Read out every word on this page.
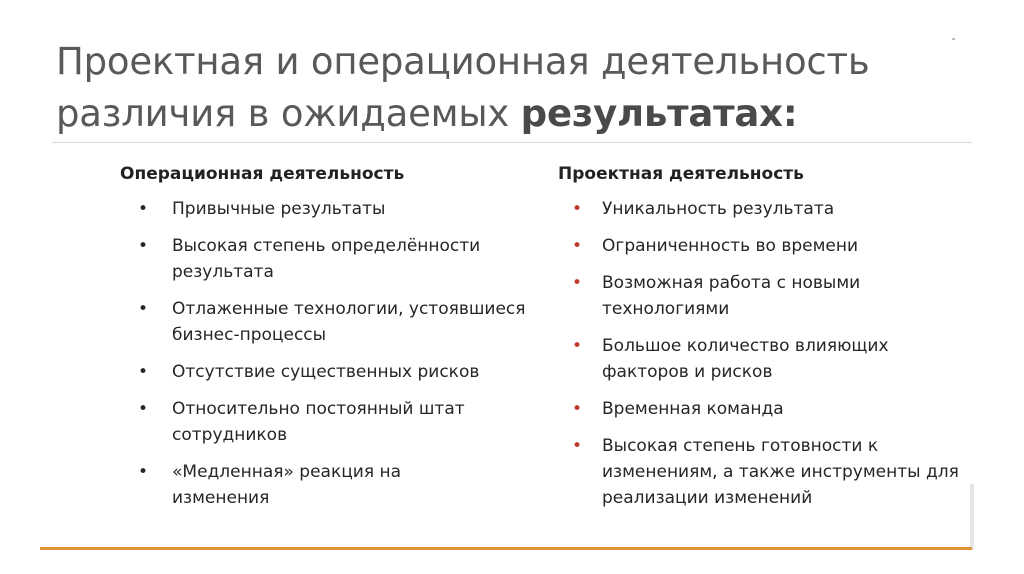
Проектная и операционная деятельность
различия в ожидаемых результатах:
Операционная деятельность
• Привычные результаты
• Высокая степень определённости результата
• Отлаженные технологии, устоявшиеся бизнес-процессы
• Отсутствие существенных рисков
• Относительно постоянный штат сотрудников
• «Медленная» реакция на изменения
Проектная деятельность
• Уникальность результата
• Ограниченность во времени
• Возможная работа с новыми технологиями
• Большое количество влияющих факторов и рисков
• Временная команда
• Высокая степень готовности к изменениям, а также инструменты для реализации изменений
